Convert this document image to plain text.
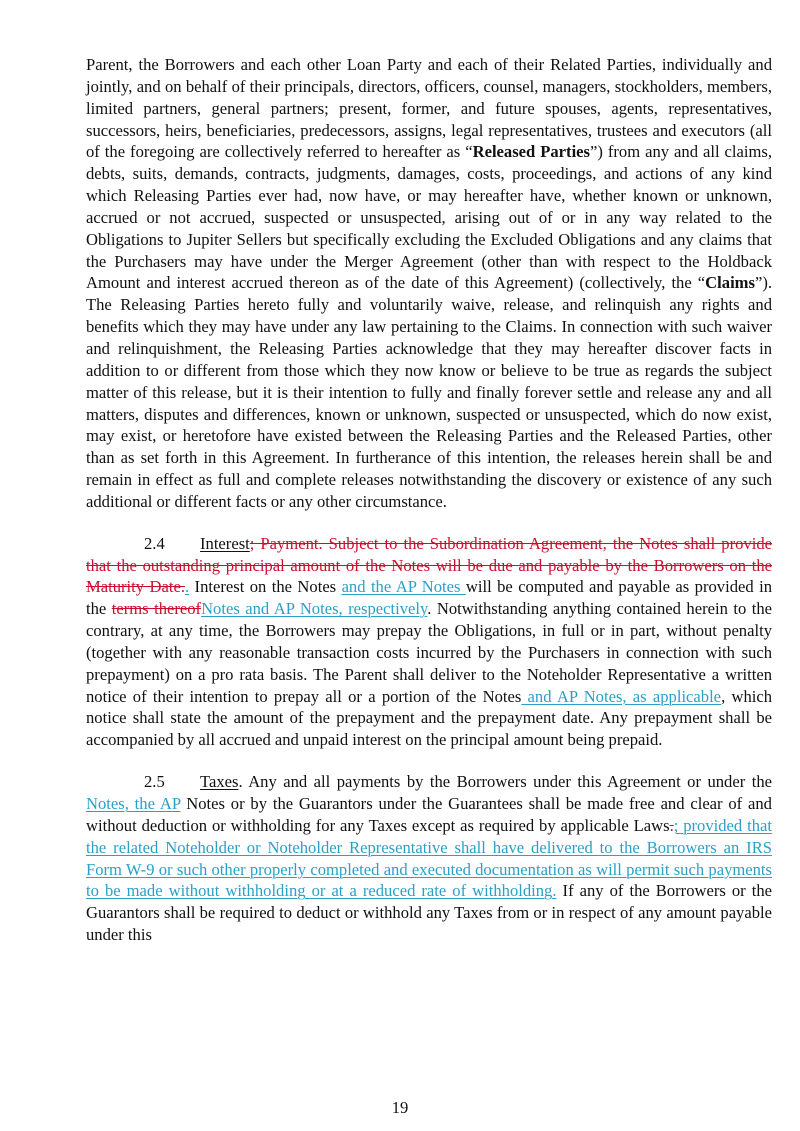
Parent, the Borrowers and each other Loan Party and each of their Related Parties, individually and jointly, and on behalf of their principals, directors, officers, counsel, managers, stockholders, members, limited partners, general partners; present, former, and future spouses, agents, representatives, successors, heirs, beneficiaries, predecessors, assigns, legal representatives, trustees and executors (all of the foregoing are collectively referred to hereafter as “Released Parties”) from any and all claims, debts, suits, demands, contracts, judgments, damages, costs, proceedings, and actions of any kind which Releasing Parties ever had, now have, or may hereafter have, whether known or unknown, accrued or not accrued, suspected or unsuspected, arising out of or in any way related to the Obligations to Jupiter Sellers but specifically excluding the Excluded Obligations and any claims that the Purchasers may have under the Merger Agreement (other than with respect to the Holdback Amount and interest accrued thereon as of the date of this Agreement) (collectively, the “Claims”). The Releasing Parties hereto fully and voluntarily waive, release, and relinquish any rights and benefits which they may have under any law pertaining to the Claims. In connection with such waiver and relinquishment, the Releasing Parties acknowledge that they may hereafter discover facts in addition to or different from those which they now know or believe to be true as regards the subject matter of this release, but it is their intention to fully and finally forever settle and release any and all matters, disputes and differences, known or unknown, suspected or unsuspected, which do now exist, may exist, or heretofore have existed between the Releasing Parties and the Released Parties, other than as set forth in this Agreement. In furtherance of this intention, the releases herein shall be and remain in effect as full and complete releases notwithstanding the discovery or existence of any such additional or different facts or any other circumstance.

2.4 Interest; Payment. Subject to the Subordination Agreement, the Notes shall provide that the outstanding principal amount of the Notes will be due and payable by the Borrowers on the Maturity Date.. Interest on the Notes and the AP Notes will be computed and payable as provided in the terms thereofNotes and AP Notes, respectively. Notwithstanding anything contained herein to the contrary, at any time, the Borrowers may prepay the Obligations, in full or in part, without penalty (together with any reasonable transaction costs incurred by the Purchasers in connection with such prepayment) on a pro rata basis. The Parent shall deliver to the Noteholder Representative a written notice of their intention to prepay all or a portion of the Notes and AP Notes, as applicable, which notice shall state the amount of the prepayment and the prepayment date. Any prepayment shall be accompanied by all accrued and unpaid interest on the principal amount being prepaid.

2.5 Taxes. Any and all payments by the Borrowers under this Agreement or under the Notes, the AP Notes or by the Guarantors under the Guarantees shall be made free and clear of and without deduction or withholding for any Taxes except as required by applicable Laws.; provided that the related Noteholder or Noteholder Representative shall have delivered to the Borrowers an IRS Form W-9 or such other properly completed and executed documentation as will permit such payments to be made without withholding or at a reduced rate of withholding. If any of the Borrowers or the Guarantors shall be required to deduct or withhold any Taxes from or in respect of any amount payable under this

19
